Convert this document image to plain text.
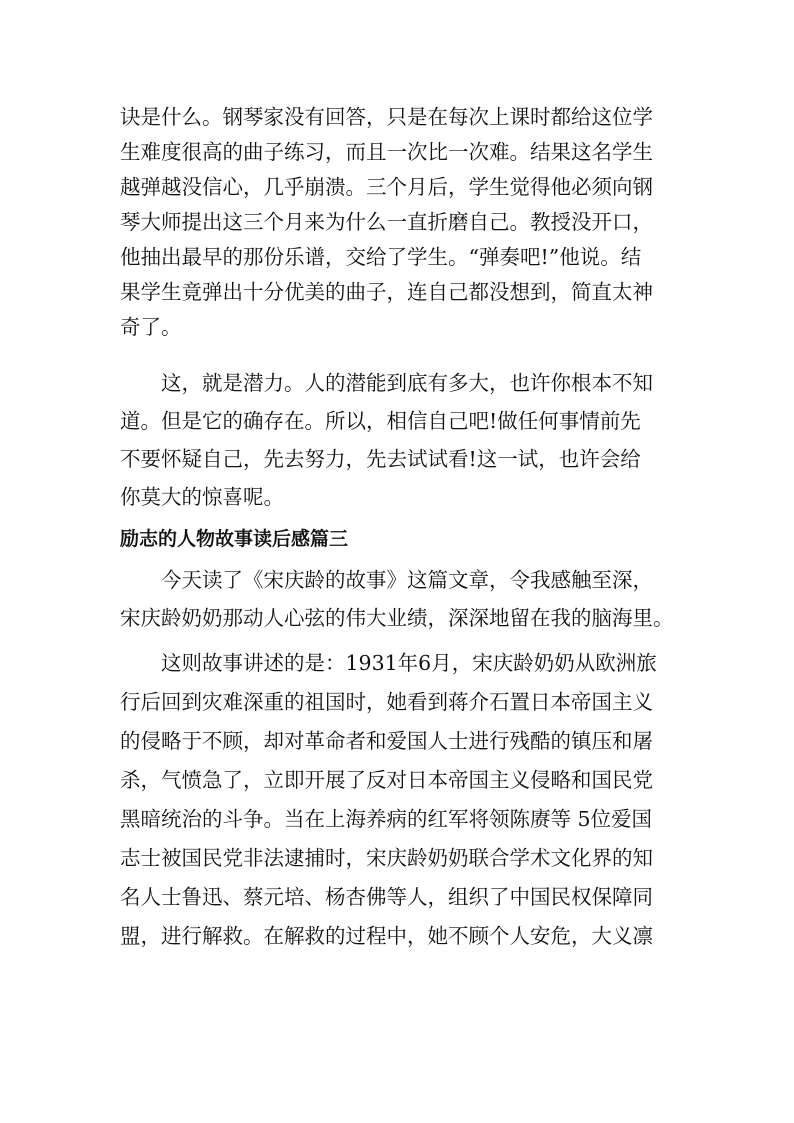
诀是什么。钢琴家没有回答，只是在每次上课时都给这位学

生难度很高的曲子练习，而且一次比一次难。结果这名学生

越弹越没信心，几乎崩溃。三个月后，学生觉得他必须向钢

琴大师提出这三个月来为什么一直折磨自己。教授没开口，

他抽出最早的那份乐谱，交给了学生。“弹奏吧!”他说。结

果学生竟弹出十分优美的曲子，连自己都没想到，简直太神

奇了。

这，就是潜力。人的潜能到底有多大，也许你根本不知

道。但是它的确存在。所以，相信自己吧!做任何事情前先

不要怀疑自己，先去努力，先去试试看!这一试，也许会给

你莫大的惊喜呢。

励志的人物故事读后感篇三

今天读了《宋庆龄的故事》这篇文章，令我感触至深，

宋庆龄奶奶那动人心弦的伟大业绩，深深地留在我的脑海里。

这则故事讲述的是：1931年6月，宋庆龄奶奶从欧洲旅

行后回到灾难深重的祖国时，她看到蒋介石置日本帝国主义

的侵略于不顾，却对革命者和爱国人士进行残酷的镇压和屠

杀，气愤急了，立即开展了反对日本帝国主义侵略和国民党

黑暗统治的斗争。当在上海养病的红军将领陈赓等 5位爱国

志士被国民党非法逮捕时，宋庆龄奶奶联合学术文化界的知

名人士鲁迅、蔡元培、杨杏佛等人，组织了中国民权保障同

盟，进行解救。在解救的过程中，她不顾个人安危，大义凛
